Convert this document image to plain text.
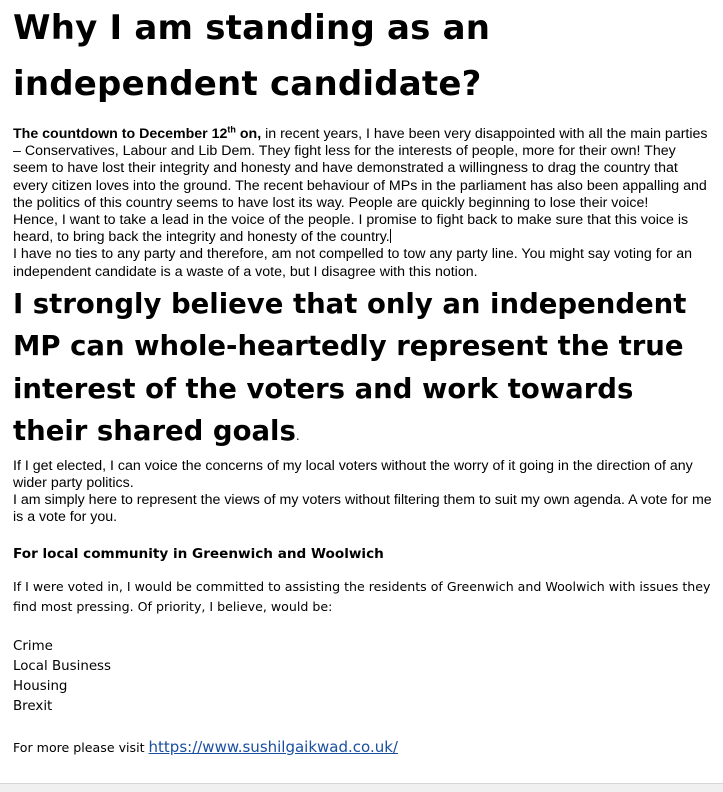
Why I am standing as an
independent candidate?
The countdown to December 12th on, in recent years, I have been very disappointed with all the main parties – Conservatives, Labour and Lib Dem. They fight less for the interests of people, more for their own! They seem to have lost their integrity and honesty and have demonstrated a willingness to drag the country that every citizen loves into the ground. The recent behaviour of MPs in the parliament has also been appalling and the politics of this country seems to have lost its way. People are quickly beginning to lose their voice!
Hence, I want to take a lead in the voice of the people. I promise to fight back to make sure that this voice is heard, to bring back the integrity and honesty of the country.
I have no ties to any party and therefore, am not compelled to tow any party line. You might say voting for an independent candidate is a waste of a vote, but I disagree with this notion.

I strongly believe that only an independent MP can whole-heartedly represent the true interest of the voters and work towards their shared goals.

If I get elected, I can voice the concerns of my local voters without the worry of it going in the direction of any wider party politics.
I am simply here to represent the views of my voters without filtering them to suit my own agenda. A vote for me is a vote for you.

For local community in Greenwich and Woolwich

If I were voted in, I would be committed to assisting the residents of Greenwich and Woolwich with issues they find most pressing. Of priority, I believe, would be:

Crime
Local Business
Housing
Brexit

For more please visit https://www.sushilgaikwad.co.uk/
